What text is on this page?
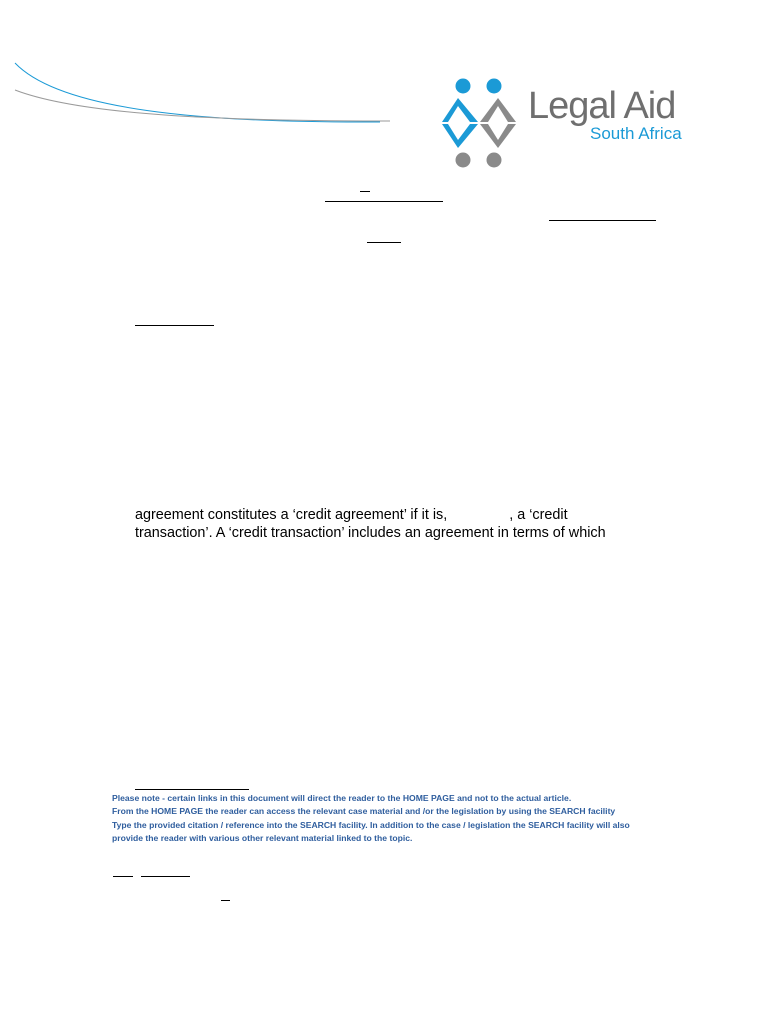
Legal Aid
South Africa
agreement constitutes a ‘credit agreement’ if it is,	, a ‘credit
transaction’. A ‘credit transaction’ includes an agreement in terms of which
Please note - certain links in this document will direct the reader to the HOME PAGE and not to the actual article.
From the HOME PAGE the reader can access the relevant case material and /or the legislation by using the SEARCH facility
Type the provided citation / reference into the SEARCH facility. In addition to the case / legislation the SEARCH facility will also
provide the reader with various other relevant material linked to the topic.
